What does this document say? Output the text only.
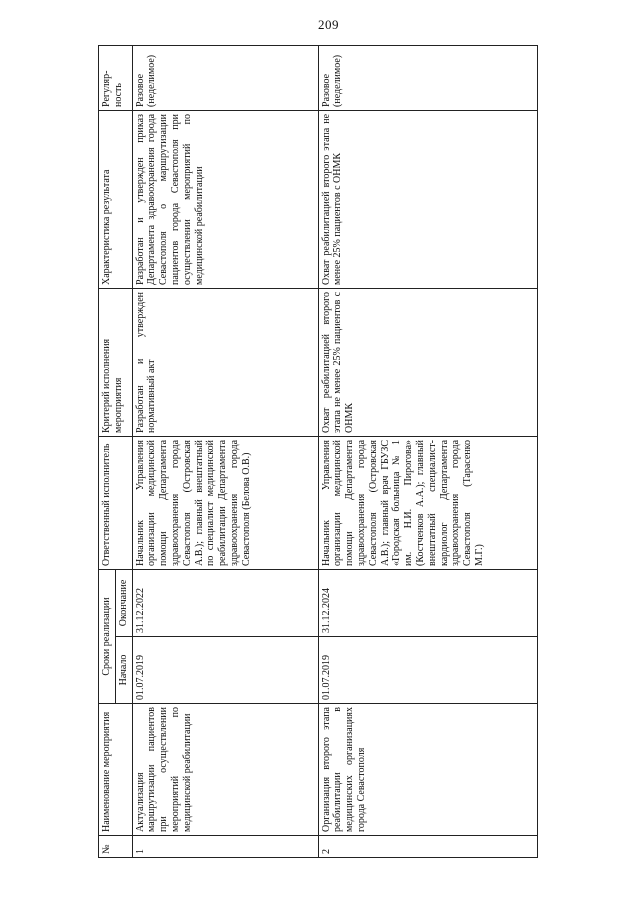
209
№	Наименование мероприятия	Сроки реализации		Ответственный исполнитель	Критерий исполнения мероприятия	Характеристика результата	Регуляр-ность
		Начало	Окончание				
1	Актуализация маршрутизации пациентов при осуществлении мероприятий по медицинской реабилитации	01.07.2019	31.12.2022	Начальник Управления организации медицинской помощи Департамента здравоохранения города Севастополя (Островская А.В.); главный внештатный по специалист медицинской реабилитации Департамента здравоохранения города Севастополя (Белова О.В.)	Разработан и утвержден нормативный акт	Разработан и утвержден приказ Департамента здравоохранения города Севастополя о маршрутизации пациентов города Севастополя при осуществлении мероприятий по медицинской реабилитации	Разовое (неделимое)
2	Организация второго этапа реабилитации в медицинских организациях города Севастополя	01.07.2019	31.12.2024	Начальник Управления организации медицинской помощи Департамента здравоохранения города Севастополя (Островская А.В.); главный врач ГБУЗС «Городская больница № 1 им. Н.И. Пирогова» (Костченков А.А.); главный внештатный специалист-кардиолог Департамента здравоохранения города Севастополя (Тарасенко М.Г.)	Охват реабилитацией второго этапа не менее 25% пациентов с ОНМК	Охват реабилитацией второго этапа не менее 25% пациентов с ОНМК	Разовое (неделимое)
